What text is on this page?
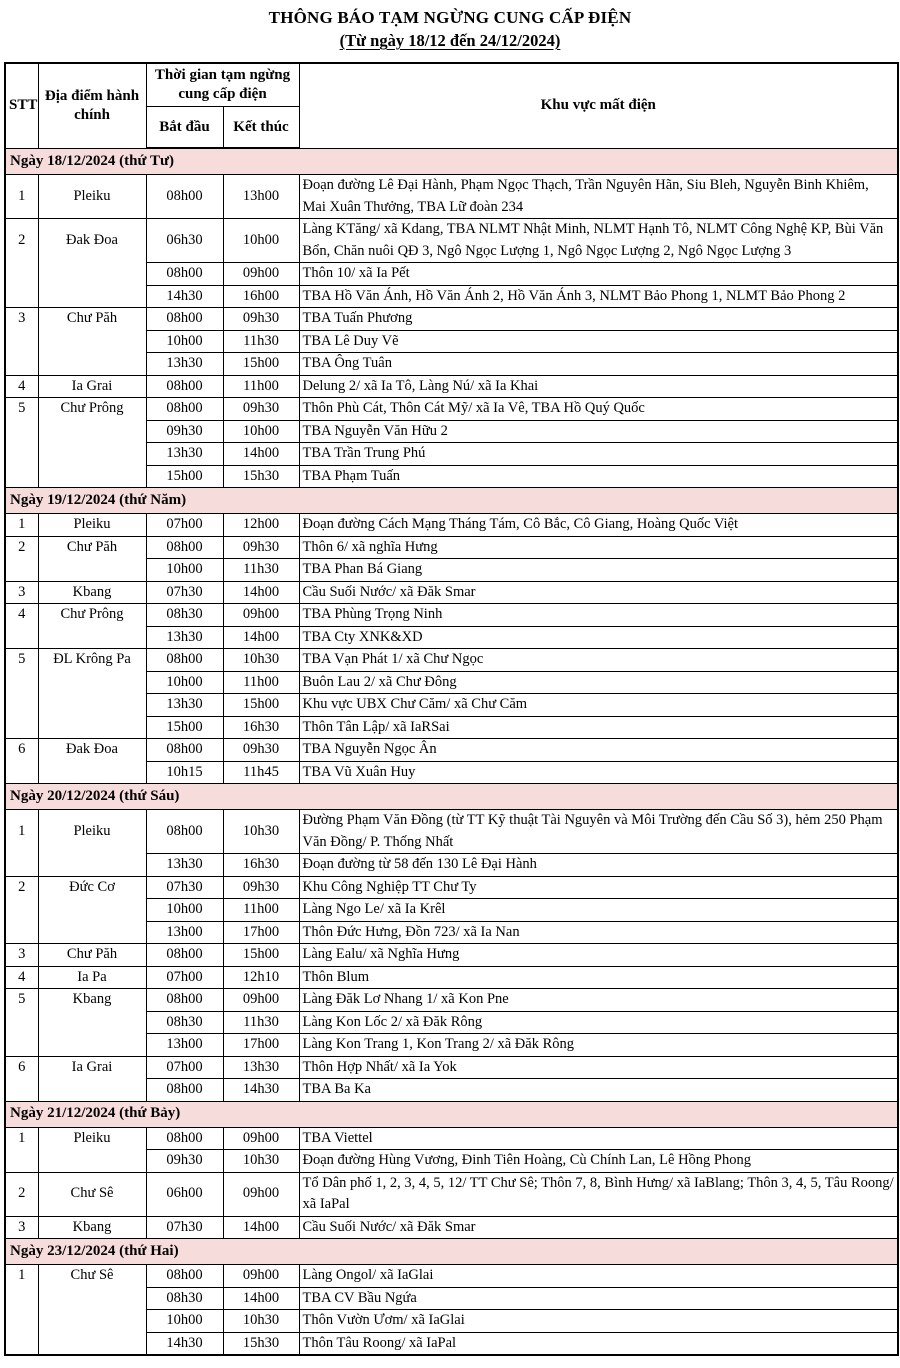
THÔNG BÁO TẠM NGỪNG CUNG CẤP ĐIỆN
(Từ ngày 18/12 đến 24/12/2024)
STT	Địa điểm hành chính	Thời gian tạm ngừng cung cấp điện		Khu vực mất điện
		Bắt đầu	Kết thúc	
Ngày 18/12/2024 (thứ Tư)				

1	Pleiku	08h00	13h00	Đoạn đường Lê Đại Hành, Phạm Ngọc Thạch, Trần Nguyên Hãn, Siu Bleh, Nguyễn Binh Khiêm, Mai Xuân Thưởng, TBA Lữ đoàn 234

2	Đak Đoa	06h30	10h00	Làng KTăng/ xã Kdang, TBA NLMT Nhật Minh, NLMT Hạnh Tô, NLMT Công Nghệ KP, Bùi Văn Bổn, Chăn nuôi QĐ 3, Ngô Ngọc Lượng 1, Ngô Ngọc Lượng 2, Ngô Ngọc Lượng 3
		08h00	09h00	Thôn 10/ xã Ia Pết
		14h30	16h00	TBA Hồ Văn Ánh, Hồ Văn Ánh 2, Hồ Văn Ánh 3, NLMT Bảo Phong 1, NLMT Bảo Phong 2

3	Chư Păh	08h00	09h30	TBA Tuấn Phương
		10h00	11h30	TBA Lê Duy Vẽ
		13h30	15h00	TBA Ông Tuân

4	Ia Grai	08h00	11h00	Delung 2/ xã Ia Tô, Làng Nú/ xã Ia Khai

5	Chư Prông	08h00	09h30	Thôn Phù Cát, Thôn Cát Mỹ/ xã Ia Vê, TBA Hồ Quý Quốc
		09h30	10h00	TBA Nguyễn Văn Hữu 2
		13h30	14h00	TBA Trần Trung Phú
		15h00	15h30	TBA Phạm Tuấn
Ngày 19/12/2024 (thứ Năm)				

1	Pleiku	07h00	12h00	Đoạn đường Cách Mạng Tháng Tám, Cô Bắc, Cô Giang, Hoàng Quốc Việt

2	Chư Păh	08h00	09h30	Thôn 6/ xã nghĩa Hưng
		10h00	11h30	TBA Phan Bá Giang

3	Kbang	07h30	14h00	Cầu Suối Nước/ xã Đăk Smar

4	Chư Prông	08h30	09h00	TBA Phùng Trọng Ninh
		13h30	14h00	TBA Cty XNK&XD

5	ĐL Krông Pa	08h00	10h30	TBA Vạn Phát 1/ xã Chư Ngọc
		10h00	11h00	Buôn Lau 2/ xã Chư Đông
		13h30	15h00	Khu vực UBX Chư Căm/ xã Chư Căm
		15h00	16h30	Thôn Tân Lập/ xã IaRSai

6	Đak Đoa	08h00	09h30	TBA Nguyễn Ngọc Ân
		10h15	11h45	TBA Vũ Xuân Huy
Ngày 20/12/2024 (thứ Sáu)				

1	Pleiku	08h00	10h30	Đường Phạm Văn Đồng (từ TT Kỹ thuật Tài Nguyên và Môi Trường đến Cầu Số 3), hẻm 250 Phạm Văn Đồng/ P. Thống Nhất
		13h30	16h30	Đoạn đường từ 58 đến 130 Lê Đại Hành

2	Đức Cơ	07h30	09h30	Khu Công Nghiệp TT Chư Ty
		10h00	11h00	Làng Ngo Le/ xã Ia Krêl
		13h00	17h00	Thôn Đức Hưng, Đồn 723/ xã Ia Nan

3	Chư Păh	08h00	15h00	Làng Ealu/ xã Nghĩa Hưng

4	Ia Pa	07h00	12h10	Thôn Blum

5	Kbang	08h00	09h00	Làng Đăk Lơ Nhang 1/ xã Kon Pne
		08h30	11h30	Làng Kon Lốc 2/ xã Đăk Rông
		13h00	17h00	Làng Kon Trang 1, Kon Trang 2/ xã Đăk Rông

6	Ia Grai	07h00	13h30	Thôn Hợp Nhất/ xã Ia Yok
		08h00	14h30	TBA Ba Ka
Ngày 21/12/2024 (thứ Bảy)				

1	Pleiku	08h00	09h00	TBA Viettel
		09h30	10h30	Đoạn đường Hùng Vương, Đinh Tiên Hoàng, Cù Chính Lan, Lê Hồng Phong

2	Chư Sê	06h00	09h00	Tổ Dân phố 1, 2, 3, 4, 5, 12/ TT Chư Sê; Thôn 7, 8, Bình Hưng/ xã IaBlang; Thôn 3, 4, 5, Tâu Roong/ xã IaPal

3	Kbang	07h30	14h00	Cầu Suối Nước/ xã Đăk Smar
Ngày 23/12/2024 (thứ Hai)				

1	Chư Sê	08h00	09h00	Làng Ongol/ xã IaGlai
		08h30	14h00	TBA CV Bầu Ngứa
		10h00	10h30	Thôn Vườn Ươm/ xã IaGlai
		14h30	15h30	Thôn Tâu Roong/ xã IaPal
